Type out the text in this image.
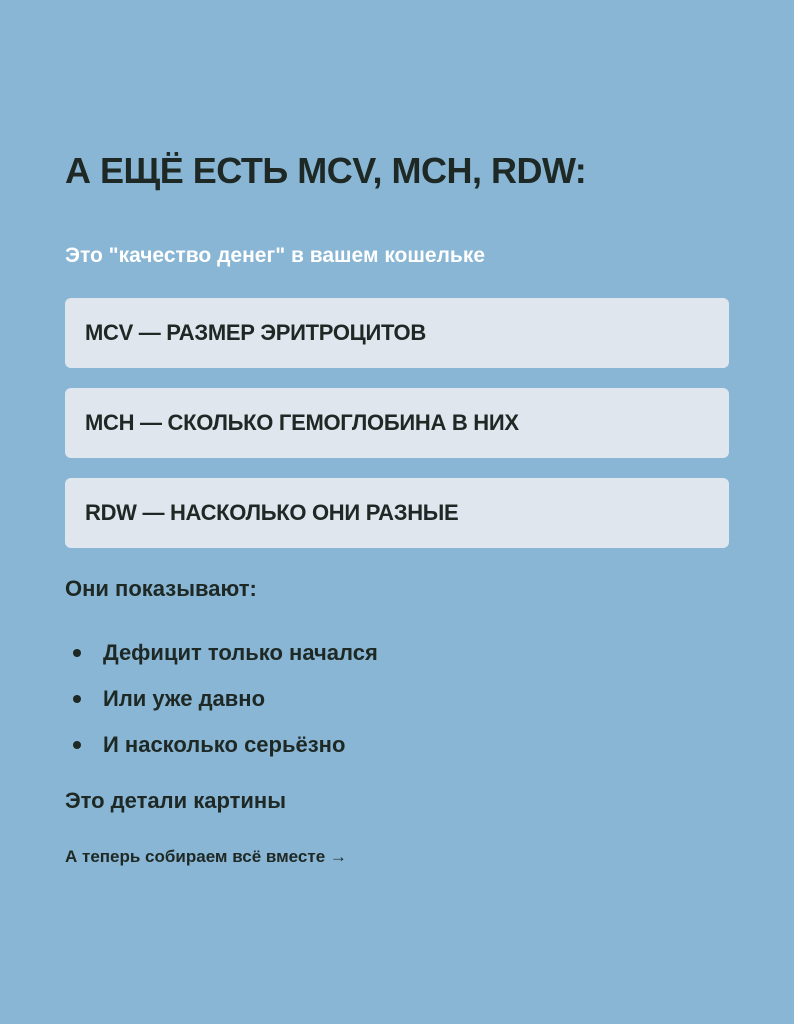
А ЕЩЁ ЕСТЬ MCV, MCH, RDW:

Это "качество денег" в вашем кошельке

MCV — РАЗМЕР ЭРИТРОЦИТОВ
MCH — СКОЛЬКО ГЕМОГЛОБИНА В НИХ
RDW — НАСКОЛЬКО ОНИ РАЗНЫЕ

Они показывают:

Дефицит только начался
Или уже давно
И насколько серьёзно

Это детали картины

А теперь собираем всё вместе →
